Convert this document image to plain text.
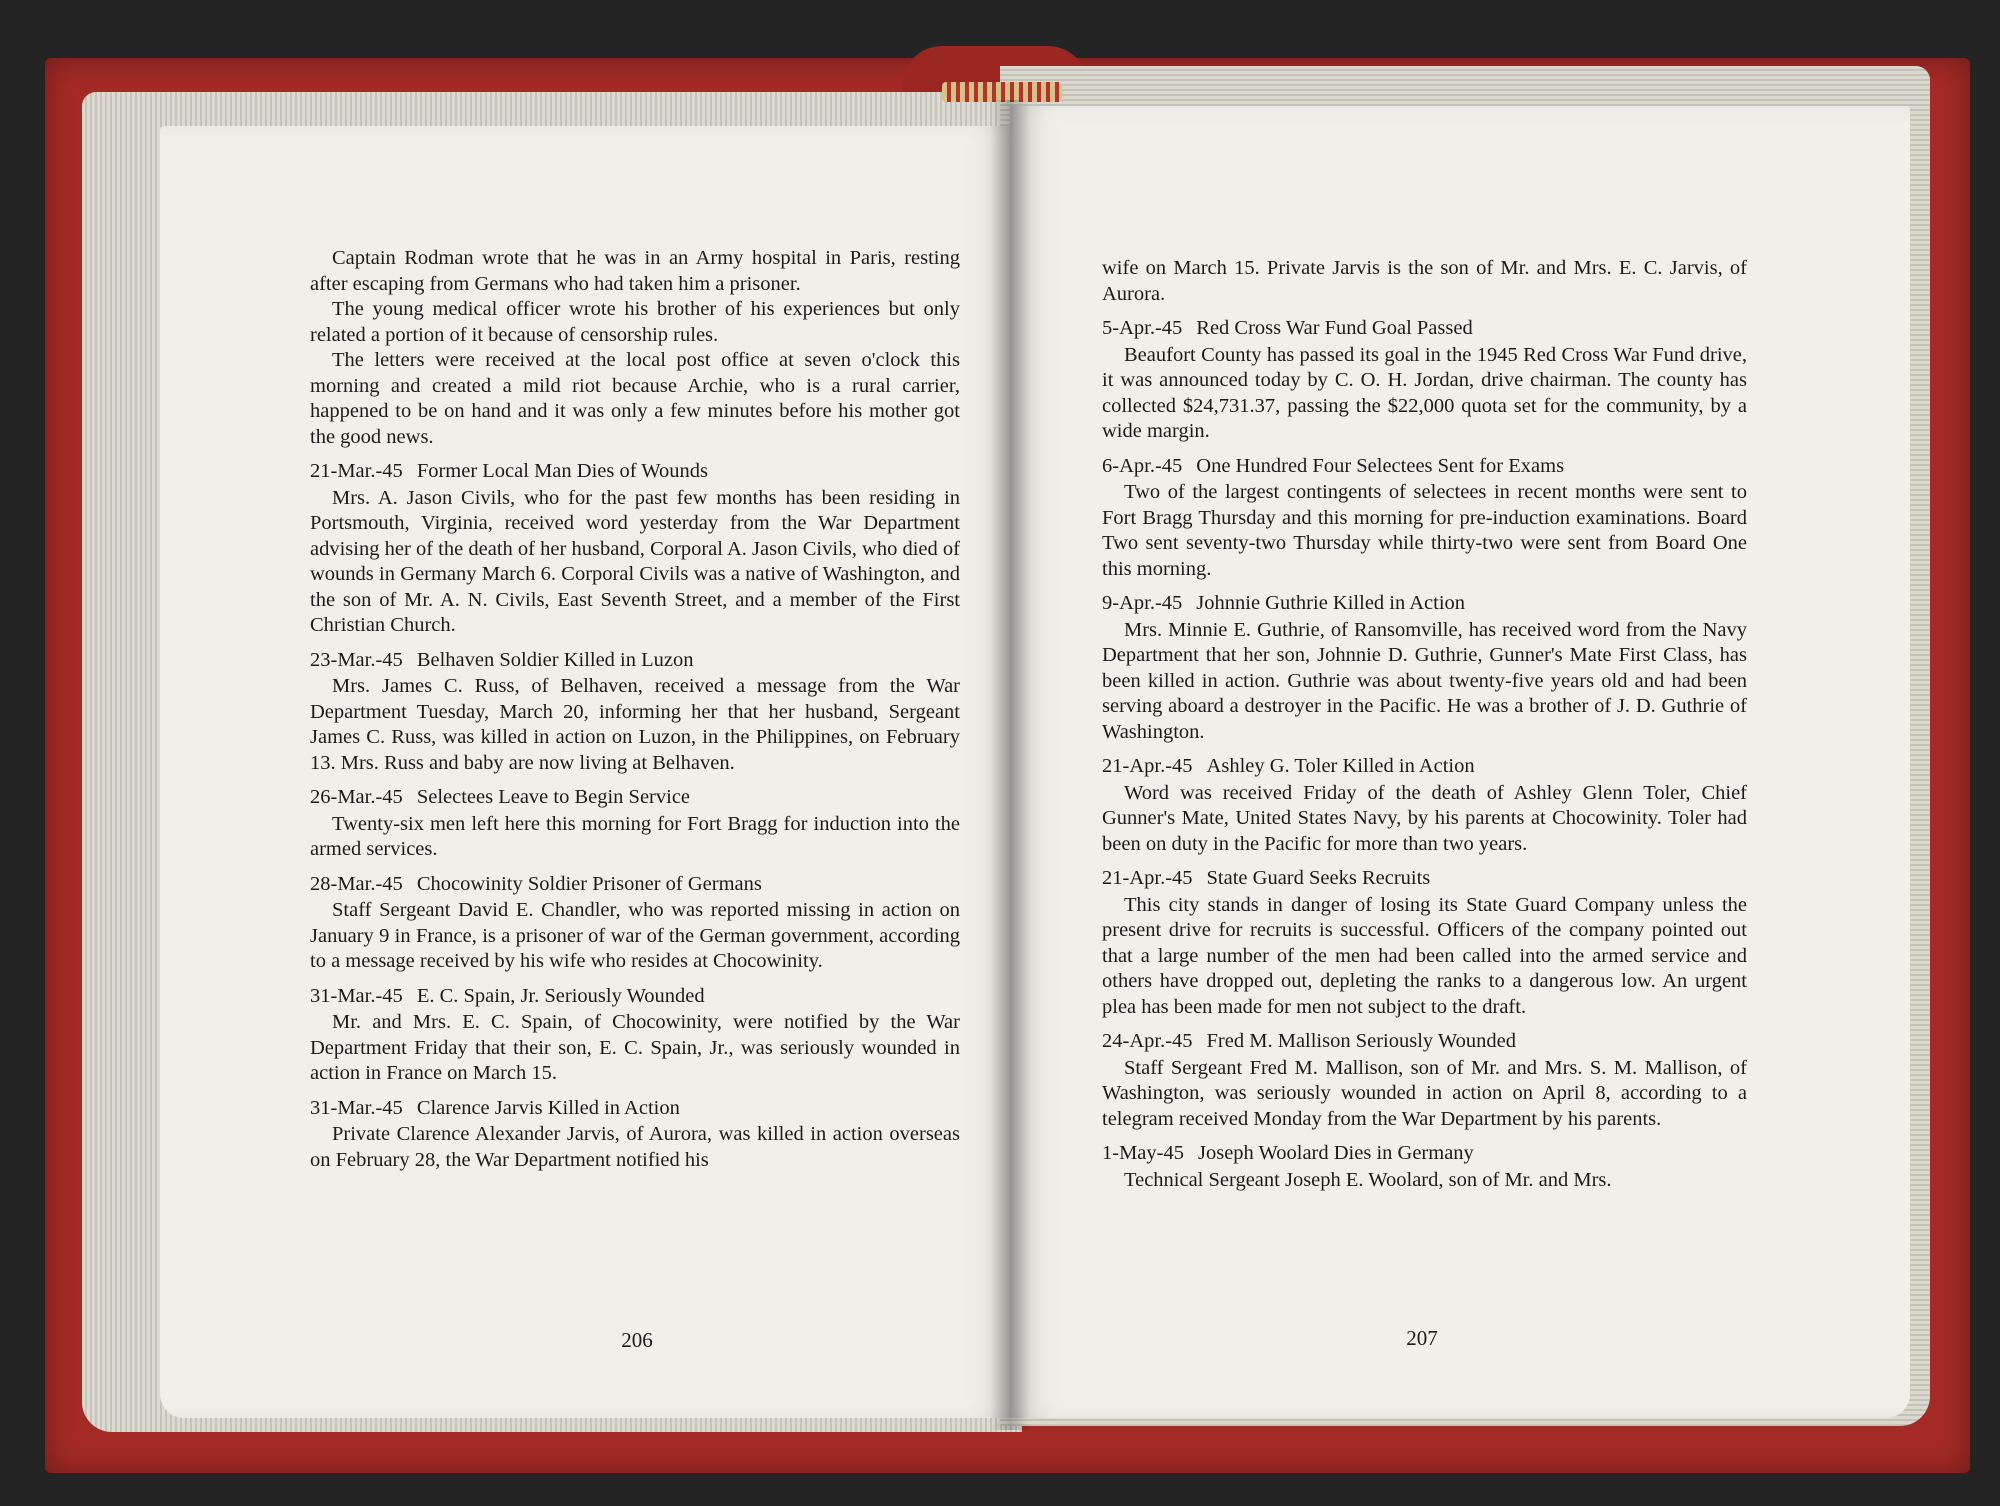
Captain Rodman wrote that he was in an Army hospital in Paris, resting after escaping from Germans who had taken him a prisoner.

The young medical officer wrote his brother of his experiences but only related a portion of it because of censorship rules.

The letters were received at the local post office at seven o'clock this morning and created a mild riot because Archie, who is a rural carrier, happened to be on hand and it was only a few minutes before his mother got the good news.

21-Mar.-45 Former Local Man Dies of Wounds

Mrs. A. Jason Civils, who for the past few months has been residing in Portsmouth, Virginia, received word yesterday from the War Department advising her of the death of her husband, Corporal A. Jason Civils, who died of wounds in Germany March 6. Corporal Civils was a native of Washington, and the son of Mr. A. N. Civils, East Seventh Street, and a member of the First Christian Church.

23-Mar.-45 Belhaven Soldier Killed in Luzon

Mrs. James C. Russ, of Belhaven, received a message from the War Department Tuesday, March 20, informing her that her husband, Sergeant James C. Russ, was killed in action on Luzon, in the Philippines, on February 13. Mrs. Russ and baby are now living at Belhaven.

26-Mar.-45 Selectees Leave to Begin Service

Twenty-six men left here this morning for Fort Bragg for induction into the armed services.

28-Mar.-45 Chocowinity Soldier Prisoner of Germans

Staff Sergeant David E. Chandler, who was reported missing in action on January 9 in France, is a prisoner of war of the German government, according to a message received by his wife who resides at Chocowinity.

31-Mar.-45 E. C. Spain, Jr. Seriously Wounded

Mr. and Mrs. E. C. Spain, of Chocowinity, were notified by the War Department Friday that their son, E. C. Spain, Jr., was seriously wounded in action in France on March 15.

31-Mar.-45 Clarence Jarvis Killed in Action

Private Clarence Alexander Jarvis, of Aurora, was killed in action overseas on February 28, the War Department notified his

206

wife on March 15. Private Jarvis is the son of Mr. and Mrs. E. C. Jarvis, of Aurora.

5-Apr.-45 Red Cross War Fund Goal Passed

Beaufort County has passed its goal in the 1945 Red Cross War Fund drive, it was announced today by C. O. H. Jordan, drive chairman. The county has collected $24,731.37, passing the $22,000 quota set for the community, by a wide margin.

6-Apr.-45 One Hundred Four Selectees Sent for Exams

Two of the largest contingents of selectees in recent months were sent to Fort Bragg Thursday and this morning for pre-induction examinations. Board Two sent seventy-two Thursday while thirty-two were sent from Board One this morning.

9-Apr.-45 Johnnie Guthrie Killed in Action

Mrs. Minnie E. Guthrie, of Ransomville, has received word from the Navy Department that her son, Johnnie D. Guthrie, Gunner's Mate First Class, has been killed in action. Guthrie was about twenty-five years old and had been serving aboard a destroyer in the Pacific. He was a brother of J. D. Guthrie of Washington.

21-Apr.-45 Ashley G. Toler Killed in Action

Word was received Friday of the death of Ashley Glenn Toler, Chief Gunner's Mate, United States Navy, by his parents at Chocowinity. Toler had been on duty in the Pacific for more than two years.

21-Apr.-45 State Guard Seeks Recruits

This city stands in danger of losing its State Guard Company unless the present drive for recruits is successful. Officers of the company pointed out that a large number of the men had been called into the armed service and others have dropped out, depleting the ranks to a dangerous low. An urgent plea has been made for men not subject to the draft.

24-Apr.-45 Fred M. Mallison Seriously Wounded

Staff Sergeant Fred M. Mallison, son of Mr. and Mrs. S. M. Mallison, of Washington, was seriously wounded in action on April 8, according to a telegram received Monday from the War Department by his parents.

1-May-45 Joseph Woolard Dies in Germany

Technical Sergeant Joseph E. Woolard, son of Mr. and Mrs.

207
